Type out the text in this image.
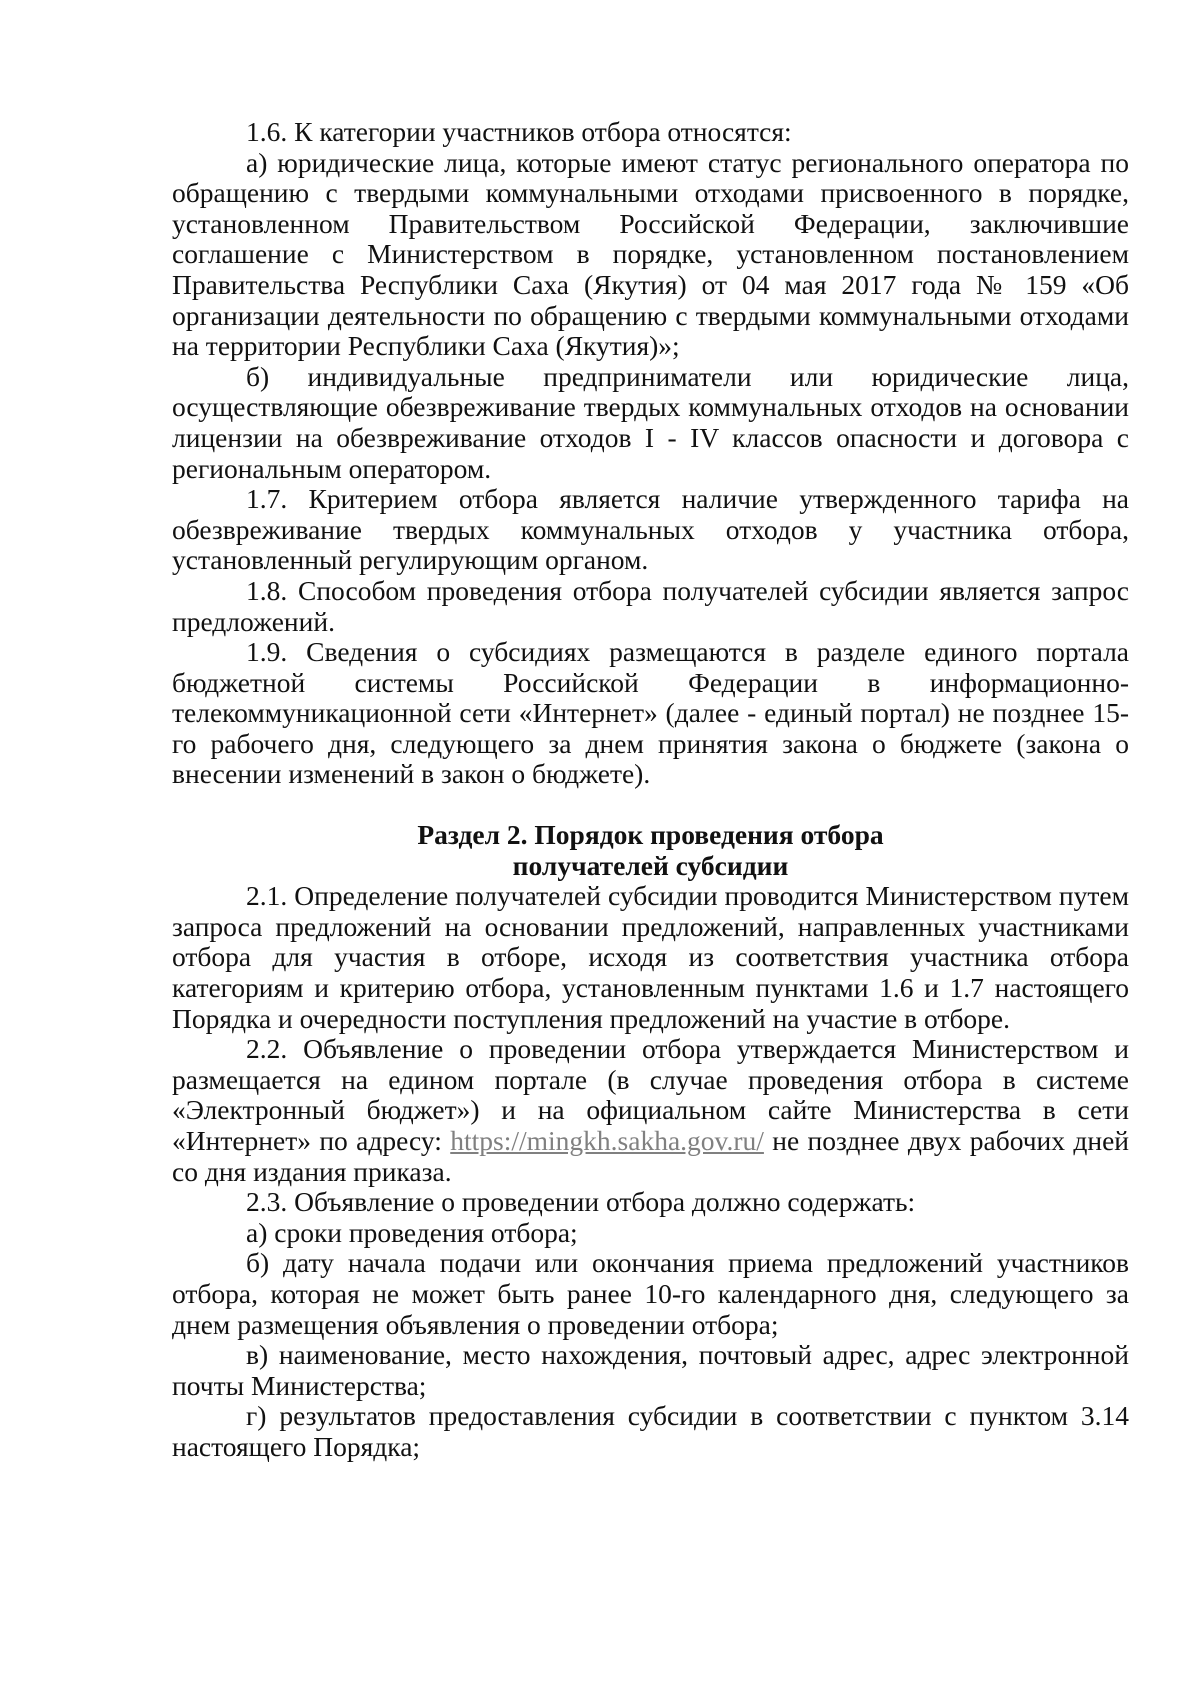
1.6. К категории участников отбора относятся:

а) юридические лица, которые имеют статус регионального оператора по обращению с твердыми коммунальными отходами присвоенного в порядке, установленном Правительством Российской Федерации, заключившие соглашение с Министерством в порядке, установленном постановлением Правительства Республики Саха (Якутия) от 04 мая 2017 года № 159 «Об организации деятельности по обращению с твердыми коммунальными отходами на территории Республики Саха (Якутия)»;

б) индивидуальные предприниматели или юридические лица, осуществляющие обезвреживание твердых коммунальных отходов на основании лицензии на обезвреживание отходов I - IV классов опасности и договора с региональным оператором.

1.7. Критерием отбора является наличие утвержденного тарифа на обезвреживание твердых коммунальных отходов у участника отбора, установленный регулирующим органом.

1.8. Способом проведения отбора получателей субсидии является запрос предложений.

1.9. Сведения о субсидиях размещаются в разделе единого портала бюджетной системы Российской Федерации в информационно-телекоммуникационной сети «Интернет» (далее - единый портал) не позднее 15-го рабочего дня, следующего за днем принятия закона о бюджете (закона о внесении изменений в закон о бюджете).

Раздел 2. Порядок проведения отбора
получателей субсидии

2.1. Определение получателей субсидии проводится Министерством путем запроса предложений на основании предложений, направленных участниками отбора для участия в отборе, исходя из соответствия участника отбора категориям и критерию отбора, установленным пунктами 1.6 и 1.7 настоящего Порядка и очередности поступления предложений на участие в отборе.

2.2. Объявление о проведении отбора утверждается Министерством и размещается на едином портале (в случае проведения отбора в системе «Электронный бюджет») и на официальном сайте Министерства в сети «Интернет» по адресу: https://mingkh.sakha.gov.ru/ не позднее двух рабочих дней со дня издания приказа.

2.3. Объявление о проведении отбора должно содержать:

а) сроки проведения отбора;

б) дату начала подачи или окончания приема предложений участников отбора, которая не может быть ранее 10-го календарного дня, следующего за днем размещения объявления о проведении отбора;

в) наименование, место нахождения, почтовый адрес, адрес электронной почты Министерства;

г) результатов предоставления субсидии в соответствии с пунктом 3.14 настоящего Порядка;
